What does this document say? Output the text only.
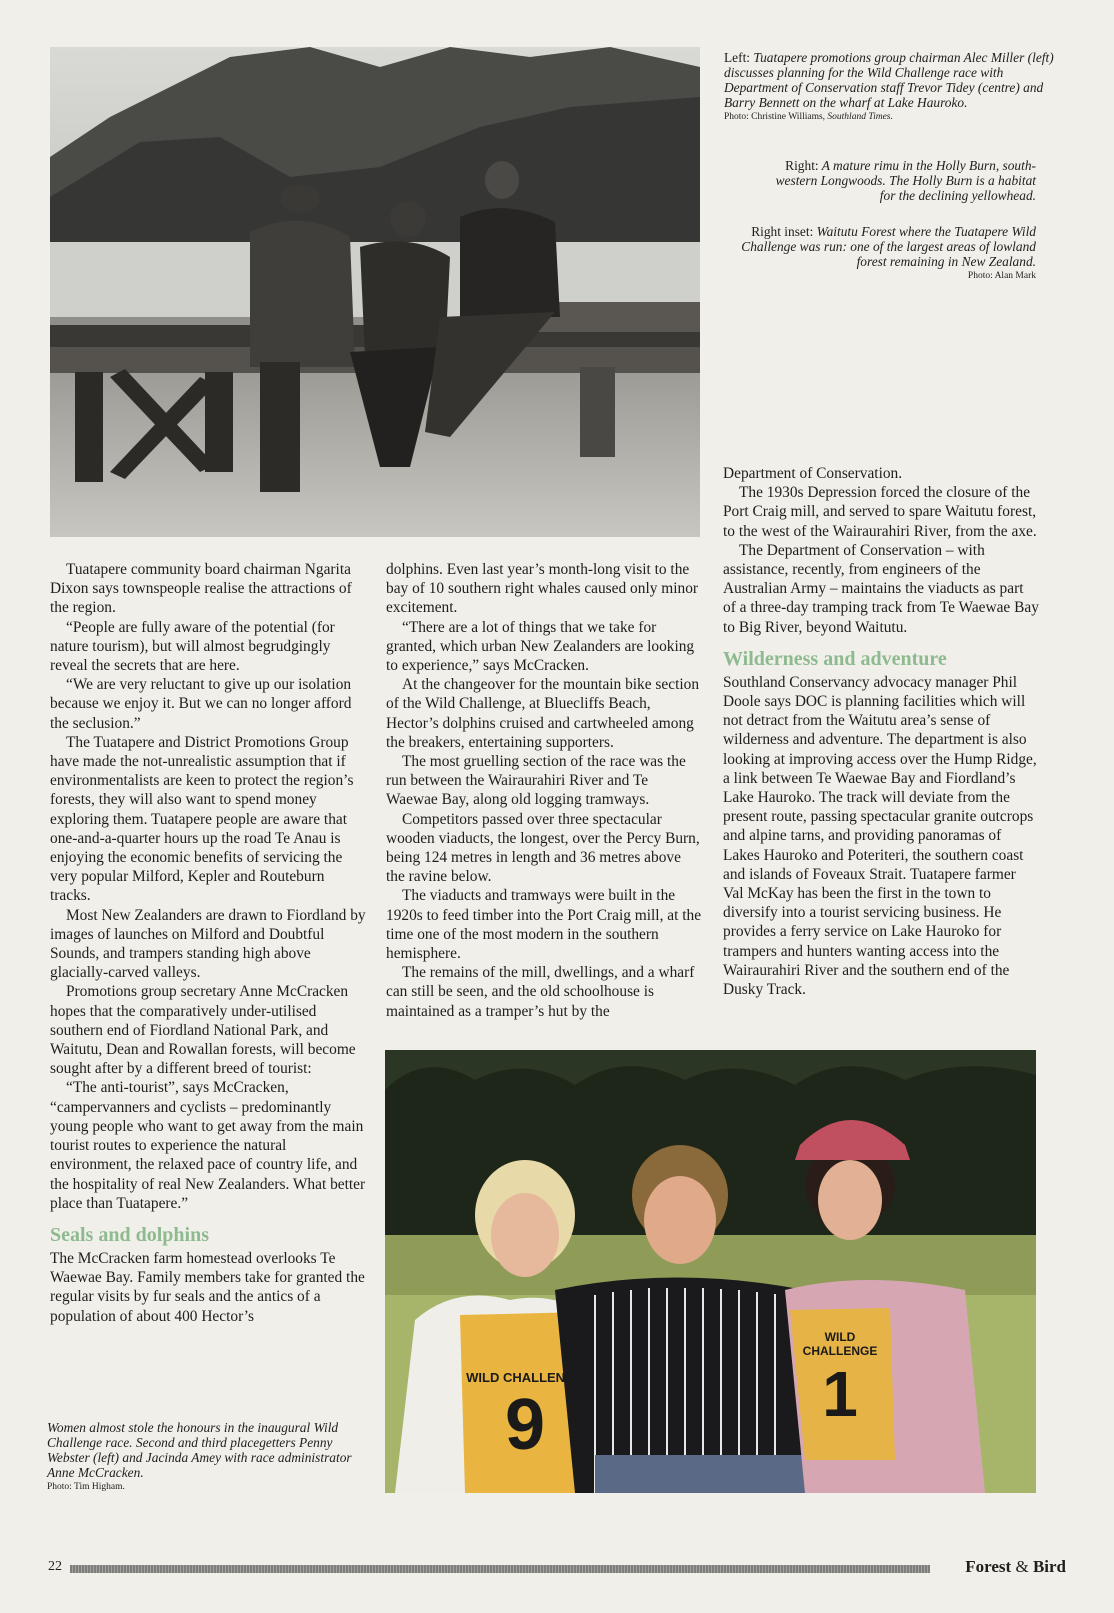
Left: Tuatapere promotions group chairman Alec Miller (left) discusses planning for the Wild Challenge race with Department of Conservation staff Trevor Tidey (centre) and Barry Bennett on the wharf at Lake Hauroko.
Photo: Christine Williams, Southland Times.
Right: A mature rimu in the Holly Burn, south-western Longwoods. The Holly Burn is a habitat for the declining yellowhead.
Right inset: Waitutu Forest where the Tuatapere Wild Challenge was run: one of the largest areas of lowland forest remaining in New Zealand.
Photo: Alan Mark

Tuatapere community board chairman Ngarita Dixon says townspeople realise the attractions of the region.

“People are fully aware of the potential (for nature tourism), but will almost begrudgingly reveal the secrets that are here.

“We are very reluctant to give up our isolation because we enjoy it. But we can no longer afford the seclusion.”

The Tuatapere and District Promotions Group have made the not-unrealistic assumption that if environmentalists are keen to protect the region’s forests, they will also want to spend money exploring them. Tuatapere people are aware that one-and-a-quarter hours up the road Te Anau is enjoying the economic benefits of servicing the very popular Milford, Kepler and Routeburn tracks.

Most New Zealanders are drawn to Fiordland by images of launches on Milford and Doubtful Sounds, and trampers standing high above glacially-carved valleys.

Promotions group secretary Anne McCracken hopes that the comparatively under-utilised southern end of Fiordland National Park, and Waitutu, Dean and Rowallan forests, will become sought after by a different breed of tourist:

“The anti-tourist”, says McCracken, “campervanners and cyclists – predominantly young people who want to get away from the main tourist routes to experience the natural environment, the relaxed pace of country life, and the hospitality of real New Zealanders. What better place than Tuatapere.”

Seals and dolphins

The McCracken farm homestead overlooks Te Waewae Bay. Family members take for granted the regular visits by fur seals and the antics of a population of about 400 Hector’s

dolphins. Even last year’s month-long visit to the bay of 10 southern right whales caused only minor excitement.

“There are a lot of things that we take for granted, which urban New Zealanders are looking to experience,” says McCracken.

At the changeover for the mountain bike section of the Wild Challenge, at Bluecliffs Beach, Hector’s dolphins cruised and cartwheeled among the breakers, entertaining supporters.

The most gruelling section of the race was the run between the Wairaurahiri River and Te Waewae Bay, along old logging tramways.

Competitors passed over three spectacular wooden viaducts, the longest, over the Percy Burn, being 124 metres in length and 36 metres above the ravine below.

The viaducts and tramways were built in the 1920s to feed timber into the Port Craig mill, at the time one of the most modern in the southern hemisphere.

The remains of the mill, dwellings, and a wharf can still be seen, and the old schoolhouse is maintained as a tramper’s hut by the

Department of Conservation.

The 1930s Depression forced the closure of the Port Craig mill, and served to spare Waitutu forest, to the west of the Wairaurahiri River, from the axe.

The Department of Conservation – with assistance, recently, from engineers of the Australian Army – maintains the viaducts as part of a three-day tramping track from Te Waewae Bay to Big River, beyond Waitutu.

Wilderness and adventure

Southland Conservancy advocacy manager Phil Doole says DOC is planning facilities which will not detract from the Waitutu area’s sense of wilderness and adventure. The department is also looking at improving access over the Hump Ridge, a link between Te Waewae Bay and Fiordland’s Lake Hauroko. The track will deviate from the present route, passing spectacular granite outcrops and alpine tarns, and providing panoramas of Lakes Hauroko and Poteriteri, the southern coast and islands of Foveaux Strait. Tuatapere farmer Val McKay has been the first in the town to diversify into a tourist servicing business. He provides a ferry service on Lake Hauroko for trampers and hunters wanting access into the Wairaurahiri River and the southern end of the Dusky Track.

WILD CHALLENGE
9
WILD CHALLENGE
1
Women almost stole the honours in the inaugural Wild Challenge race. Second and third placegetters Penny Webster (left) and Jacinda Amey with race administrator Anne McCracken.
Photo: Tim Higham.
22	Forest & Bird
